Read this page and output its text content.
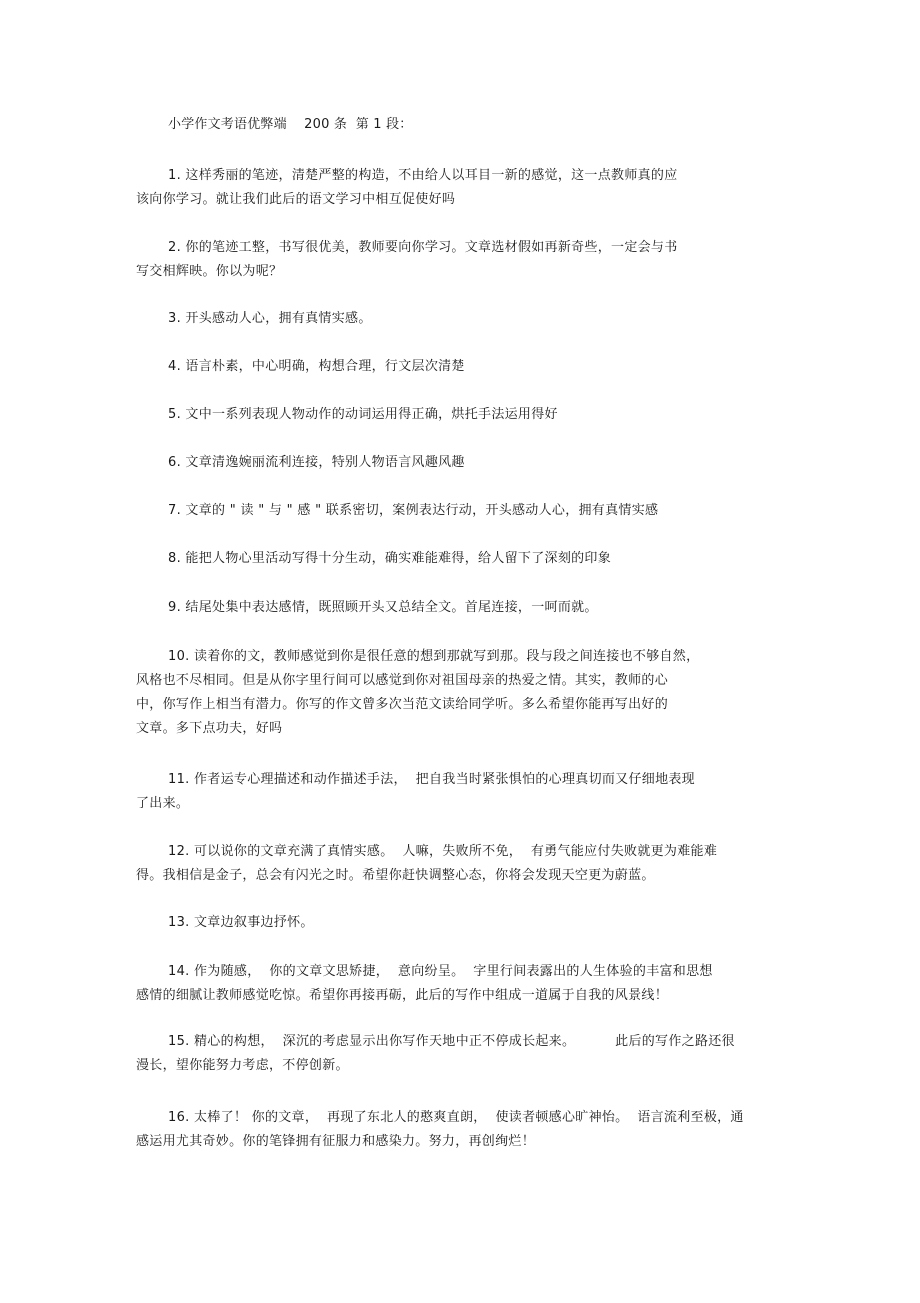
小学作文考语优弊端    200 条  第 1 段：

1. 这样秀丽的笔迹，清楚严整的构造，不由给人以耳目一新的感觉，这一点教师真的应
该向你学习。就让我们此后的语文学习中相互促使好吗

2. 你的笔迹工整，书写很优美，教师要向你学习。文章选材假如再新奇些，一定会与书
写交相辉映。你以为呢？

3. 开头感动人心，拥有真情实感。

4. 语言朴素，中心明确，构想合理，行文层次清楚

5. 文中一系列表现人物动作的动词运用得正确，烘托手法运用得好

6. 文章清逸婉丽流利连接，特别人物语言风趣风趣

7. 文章的 " 读 " 与 " 感 " 联系密切，案例表达行动，开头感动人心，拥有真情实感

8. 能把人物心里活动写得十分生动，确实难能难得，给人留下了深刻的印象

9. 结尾处集中表达感情，既照顾开头又总结全文。首尾连接，一呵而就。

10. 读着你的文，教师感觉到你是很任意的想到那就写到那。段与段之间连接也不够自然，
风格也不尽相同。但是从你字里行间可以感觉到你对祖国母亲的热爱之情。其实，教师的心
中，你写作上相当有潜力。你写的作文曾多次当范文读给同学听。多么希望你能再写出好的
文章。多下点功夫，好吗

11. 作者运专心理描述和动作描述手法，  把自我当时紧张惧怕的心理真切而又仔细地表现
了出来。

12. 可以说你的文章充满了真情实感。  人嘛，失败所不免，  有勇气能应付失败就更为难能难
得。我相信是金子，总会有闪光之时。希望你赶快调整心态，你将会发现天空更为蔚蓝。

13. 文章边叙事边抒怀。

14. 作为随感，  你的文章文思矫捷，  意向纷呈。  字里行间表露出的人生体验的丰富和思想
感情的细腻让教师感觉吃惊。希望你再接再砺，此后的写作中组成一道属于自我的风景线！

15. 精心的构想，  深沉的考虑显示出你写作天地中正不停成长起来。         此后的写作之路还很
漫长，望你能努力考虑，不停创新。

16. 太棒了！ 你的文章，  再现了东北人的憨爽直朗，  使读者顿感心旷神怡。  语言流利至极，通
感运用尤其奇妙。你的笔锋拥有征服力和感染力。努力，再创绚烂！
